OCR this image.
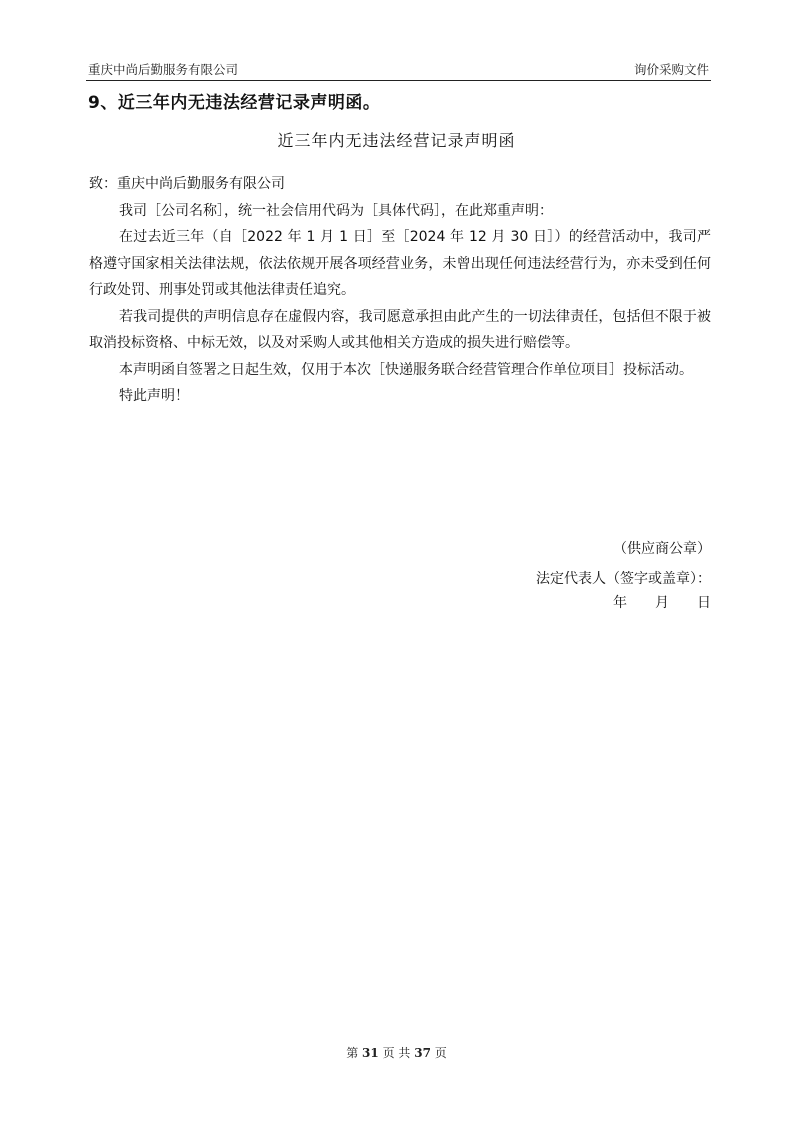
重庆中尚后勤服务有限公司	询价采购文件
9、近三年内无违法经营记录声明函。
近三年内无违法经营记录声明函

致：重庆中尚后勤服务有限公司

我司［公司名称］，统一社会信用代码为［具体代码］，在此郑重声明：

在过去近三年（自［2022 年 1 月 1 日］至［2024 年 12 月 30 日］）的经营活动中，我司严格遵守国家相关法律法规，依法依规开展各项经营业务，未曾出现任何违法经营行为，亦未受到任何行政处罚、刑事处罚或其他法律责任追究。

若我司提供的声明信息存在虚假内容，我司愿意承担由此产生的一切法律责任，包括但不限于被取消投标资格、中标无效，以及对采购人或其他相关方造成的损失进行赔偿等。

本声明函自签署之日起生效，仅用于本次［快递服务联合经营管理合作单位项目］投标活动。

特此声明！

（供应商公章）
法定代表人（签字或盖章）：
年　　月　　日
第 31 页 共 37 页
